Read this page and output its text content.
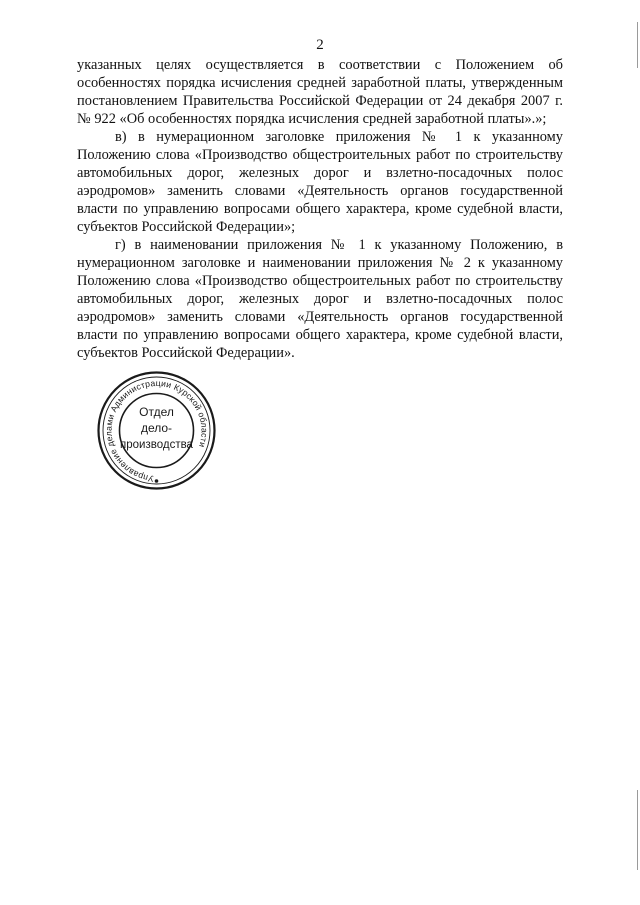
2

указанных целях осуществляется в соответствии с Положением об особенностях порядка исчисления средней заработной платы, утвержденным постановлением Правительства Российской Федерации от 24 декабря 2007 г. № 922 «Об особенностях порядка исчисления средней заработной платы».»;

в) в нумерационном заголовке приложения № 1 к указанному Положению слова «Производство общестроительных работ по строительству автомобильных дорог, железных дорог и взлетно-посадочных полос аэродромов» заменить словами «Деятельность органов государственной власти по управлению вопросами общего характера, кроме судебной власти, субъектов Российской Федерации»;

г) в наименовании приложения № 1 к указанному Положению, в нумерационном заголовке и наименовании приложения № 2 к указанному Положению слова «Производство общестроительных работ по строительству автомобильных дорог, железных дорог и взлетно-посадочных полос аэродромов» заменить словами «Деятельность органов государственной власти по управлению вопросами общего характера, кроме судебной власти, субъектов Российской Федерации».

Управление делами Администрации Курской области
Отдел
дело-
производства
